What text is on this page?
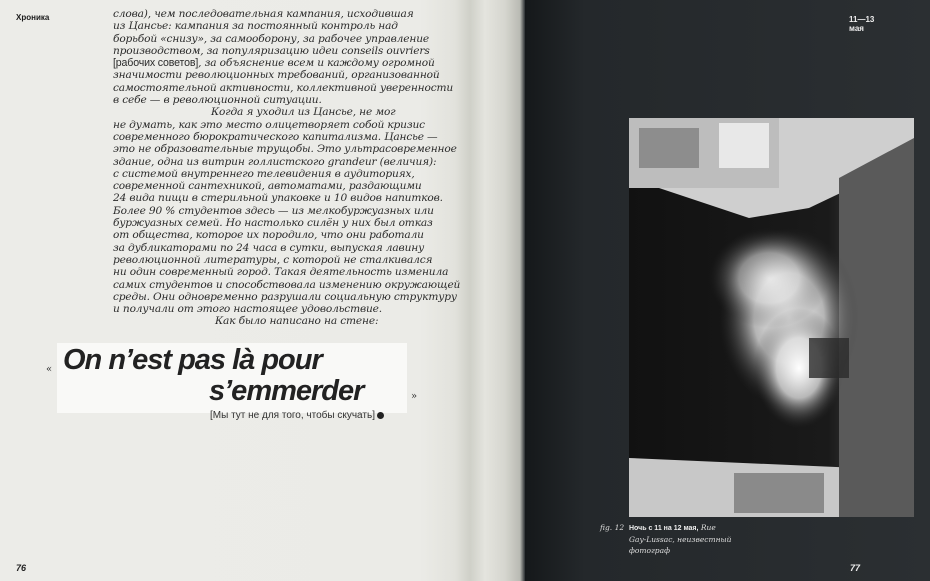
Хроника	слова), чем последовательная кампания, исходившая
из Цансье: кампания за постоянный контроль над
борьбой «снизу», за самооборону, за рабочее управление
производством, за популяризацию идеи conseils ouvriers
[рабочих советов], за объяснение всем и каждому огромной
значимости революционных требований, организованной
самостоятельной активности, коллективной уверенности
в себе — в революционной ситуации.
Когда я уходил из Цансье, не мог
не думать, как это место олицетворяет собой кризис
современного бюрократического капитализма. Цансье —
это не образовательные трущобы. Это ультрасовременное
здание, одна из витрин голлистского grandeur (величия):
с системой внутреннего телевидения в аудиториях,
современной сантехникой, автоматами, раздающими
24 вида пищи в стерильной упаковке и 10 видов напитков.
Более 90 % студентов здесь — из мелкобуржуазных или
буржуазных семей. Но настолько силён у них был отказ
от общества, которое их породило, что они работали
за дубликаторами по 24 часа в сутки, выпуская лавину
революционной литературы, с которой не сталкивался
ни один современный город. Такая деятельность изменила
самих студентов и способствовала изменению окружающей
среды. Они одновременно разрушали социальную структуру
и получали от этого настоящее удовольствие.
Как было написано на стене:
« On n’est pas là pour
s’emmerder	»
[Мы тут не для того, чтобы скучать]
76
11—13
мая
fig. 12 Ночь с 11 на 12 мая, Rue
Gay-Lussac, неизвестный
фотограф
77
